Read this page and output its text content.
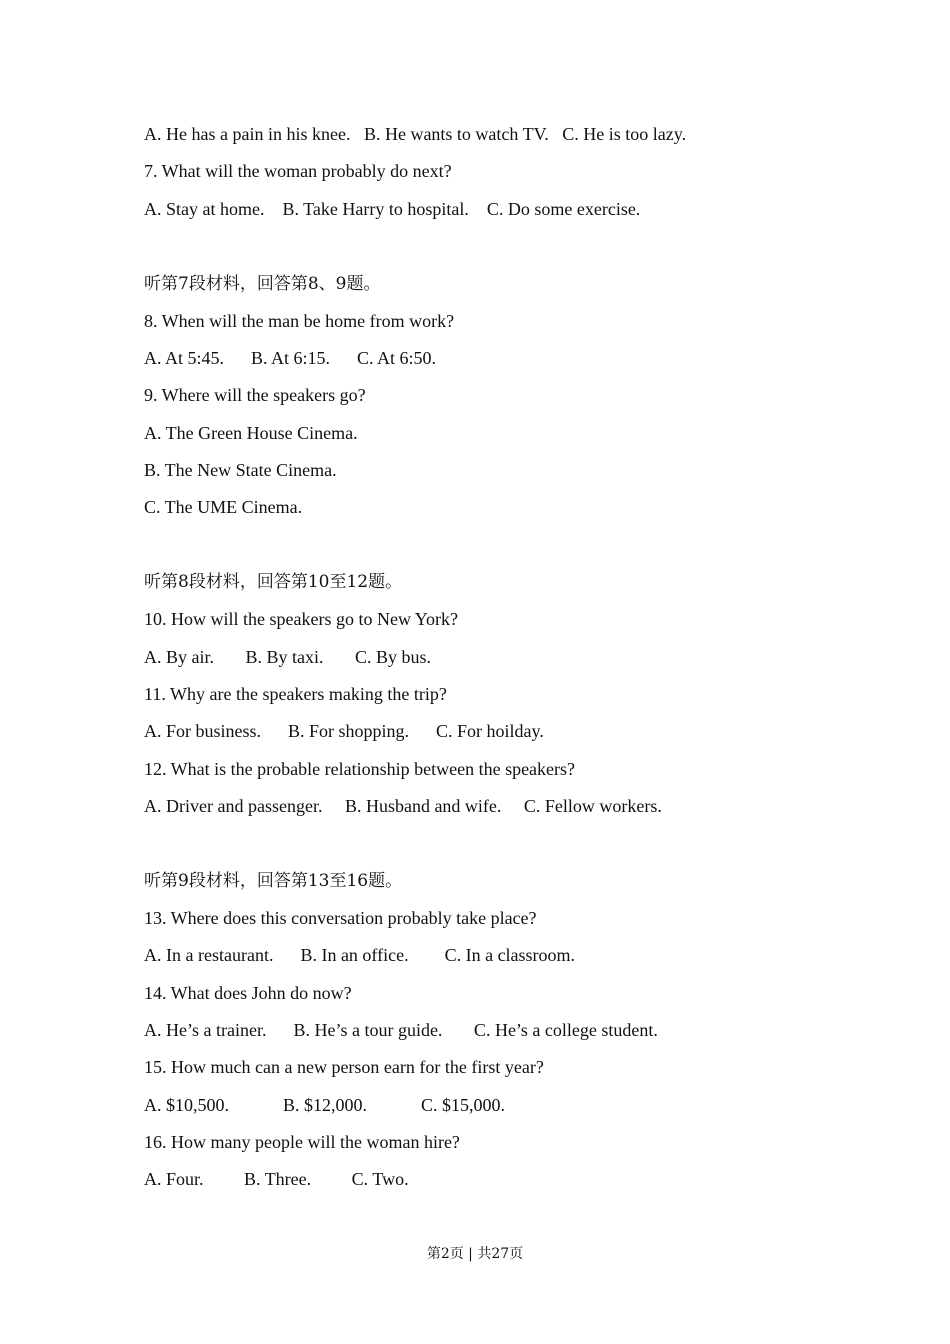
A. He has a pain in his knee.   B. He wants to watch TV.   C. He is too lazy.

7. What will the woman probably do next?

A. Stay at home.    B. Take Harry to hospital.    C. Do some exercise.

听第7段材料，回答第8、9题。

8. When will the man be home from work?

A. At 5:45.      B. At 6:15.      C. At 6:50.

9. Where will the speakers go?

A. The Green House Cinema.

B. The New State Cinema.

C. The UME Cinema.

听第8段材料，回答第10至12题。

10. How will the speakers go to New York?

A. By air.       B. By taxi.       C. By bus.

11. Why are the speakers making the trip?

A. For business.      B. For shopping.      C. For hoilday.

12. What is the probable relationship between the speakers?

A. Driver and passenger.     B. Husband and wife.     C. Fellow workers.

听第9段材料，回答第13至16题。

13. Where does this conversation probably take place?

A. In a restaurant.      B. In an office.        C. In a classroom.

14. What does John do now?

A. He’s a trainer.      B. He’s a tour guide.       C. He’s a college student.

15. How much can a new person earn for the first year?

A. $10,500.            B. $12,000.            C. $15,000.

16. How many people will the woman hire?

A. Four.         B. Three.         C. Two.

第2页 | 共27页
